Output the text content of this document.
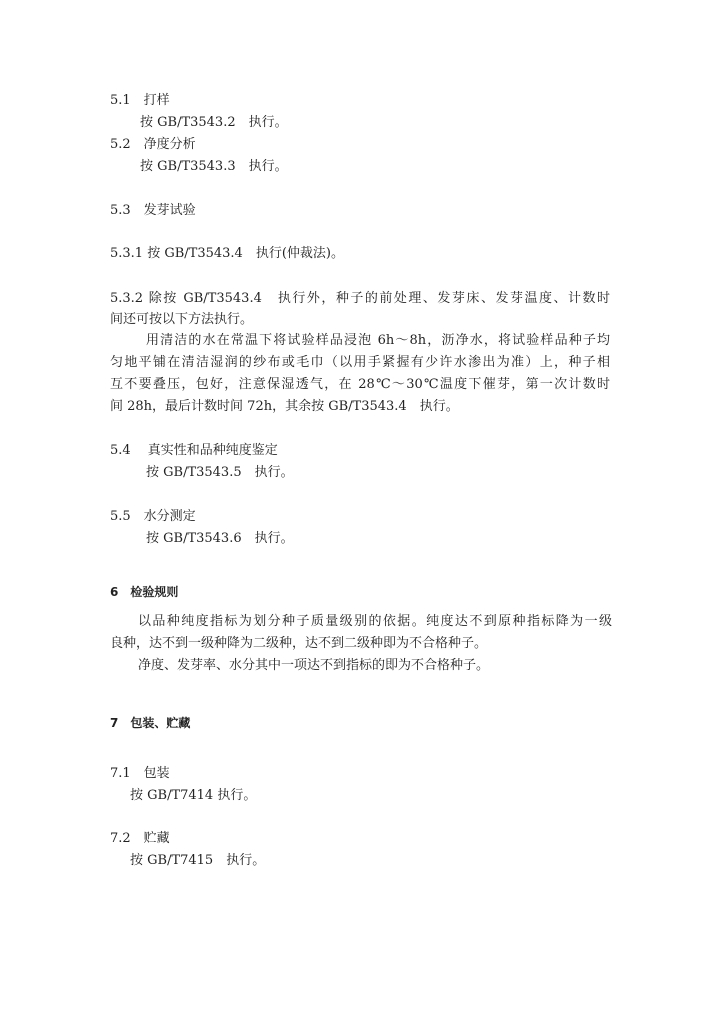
5.1　打样
按 GB/T3543.2　执行。
5.2　净度分析
按 GB/T3543.3　执行。
5.3　发芽试验
5.3.1 按 GB/T3543.4　执行(仲裁法)。
5.3.2 除按 GB/T3543.4　执行外，种子的前处理、发芽床、发芽温度、计数时
间还可按以下方法执行。
用清洁的水在常温下将试验样品浸泡 6h～8h，沥净水，将试验样品种子均
匀地平铺在清洁湿润的纱布或毛巾（以用手紧握有少许水渗出为准）上，种子相
互不要叠压，包好，注意保湿透气，在 28℃～30℃温度下催芽，第一次计数时
间 28h，最后计数时间 72h，其余按 GB/T3543.4　执行。
5.4　 真实性和品种纯度鉴定
按 GB/T3543.5　执行。
5.5　水分测定
按 GB/T3543.6　执行。
6　检验规则
以品种纯度指标为划分种子质量级别的依据。纯度达不到原种指标降为一级
良种，达不到一级种降为二级种，达不到二级种即为不合格种子。
净度、发芽率、水分其中一项达不到指标的即为不合格种子。
7　包装、贮藏
7.1　包装
按 GB/T7414 执行。
7.2　贮藏
按 GB/T7415　执行。
